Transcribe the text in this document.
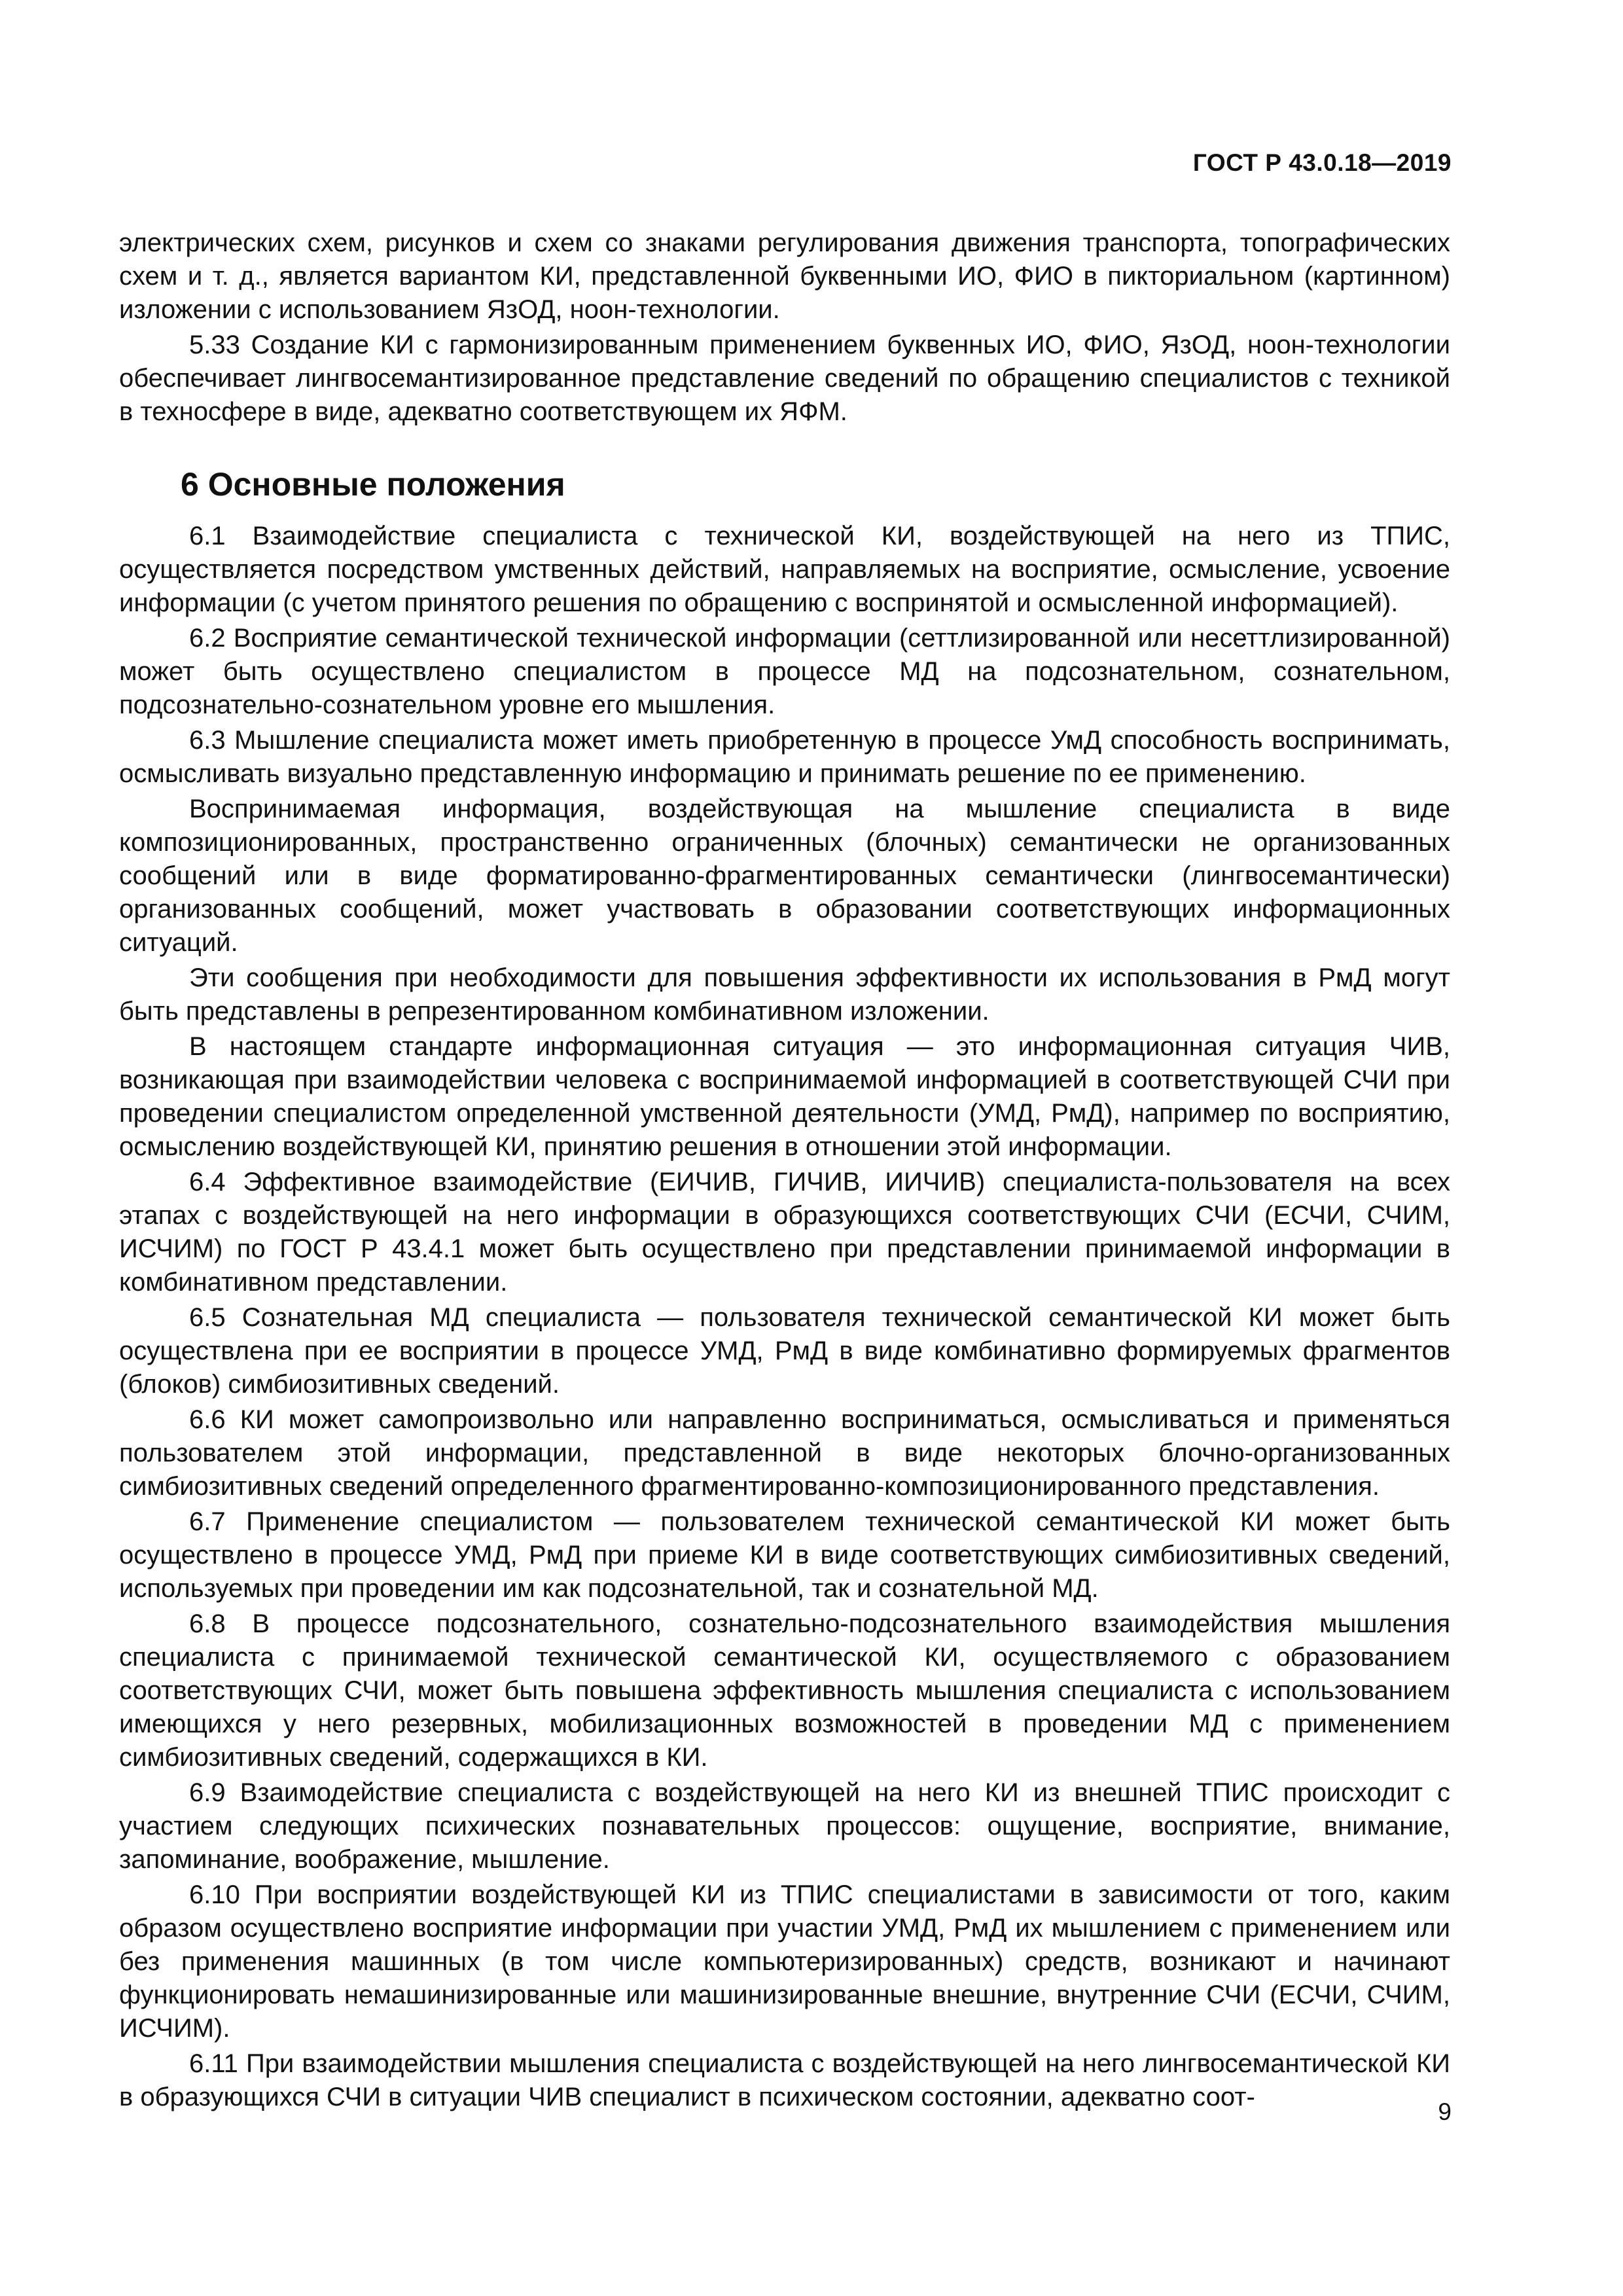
ГОСТ Р 43.0.18—2019

электрических схем, рисунков и схем со знаками регулирования движения транспорта, топографических схем и т. д., является вариантом КИ, представленной буквенными ИО, ФИО в пикториальном (картинном) изложении с использованием ЯзОД, ноон-технологии.

5.33 Создание КИ с гармонизированным применением буквенных ИО, ФИО, ЯзОД, ноон-технологии обеспечивает лингвосемантизированное представление сведений по обращению специалистов с техникой в техносфере в виде, адекватно соответствующем их ЯФМ.

6 Основные положения

6.1 Взаимодействие специалиста с технической КИ, воздействующей на него из ТПИС, осуществляется посредством умственных действий, направляемых на восприятие, осмысление, усвоение информации (с учетом принятого решения по обращению с воспринятой и осмысленной информацией).

6.2 Восприятие семантической технической информации (сеттлизированной или несеттлизированной) может быть осуществлено специалистом в процессе МД на подсознательном, сознательном, подсознательно-сознательном уровне его мышления.

6.3 Мышление специалиста может иметь приобретенную в процессе УмД способность воспринимать, осмысливать визуально представленную информацию и принимать решение по ее применению.

Воспринимаемая информация, воздействующая на мышление специалиста в виде композиционированных, пространственно ограниченных (блочных) семантически не организованных сообщений или в виде форматированно-фрагментированных семантически (лингвосемантически) организованных сообщений, может участвовать в образовании соответствующих информационных ситуаций.

Эти сообщения при необходимости для повышения эффективности их использования в РмД могут быть представлены в репрезентированном комбинативном изложении.

В настоящем стандарте информационная ситуация — это информационная ситуация ЧИВ, возникающая при взаимодействии человека с воспринимаемой информацией в соответствующей СЧИ при проведении специалистом определенной умственной деятельности (УМД, РмД), например по восприятию, осмыслению воздействующей КИ, принятию решения в отношении этой информации.

6.4 Эффективное взаимодействие (ЕИЧИВ, ГИЧИВ, ИИЧИВ) специалиста-пользователя на всех этапах с воздействующей на него информации в образующихся соответствующих СЧИ (ЕСЧИ, СЧИМ, ИСЧИМ) по ГОСТ Р 43.4.1 может быть осуществлено при представлении принимаемой информации в комбинативном представлении.

6.5 Сознательная МД специалиста — пользователя технической семантической КИ может быть осуществлена при ее восприятии в процессе УМД, РмД в виде комбинативно формируемых фрагментов (блоков) симбиозитивных сведений.

6.6 КИ может самопроизвольно или направленно восприниматься, осмысливаться и применяться пользователем этой информации, представленной в виде некоторых блочно-организованных симбиозитивных сведений определенного фрагментированно-композиционированного представления.

6.7 Применение специалистом — пользователем технической семантической КИ может быть осуществлено в процессе УМД, РмД при приеме КИ в виде соответствующих симбиозитивных сведений, используемых при проведении им как подсознательной, так и сознательной МД.

6.8 В процессе подсознательного, сознательно-подсознательного взаимодействия мышления специалиста с принимаемой технической семантической КИ, осуществляемого с образованием соответствующих СЧИ, может быть повышена эффективность мышления специалиста с использованием имеющихся у него резервных, мобилизационных возможностей в проведении МД с применением симбиозитивных сведений, содержащихся в КИ.

6.9 Взаимодействие специалиста с воздействующей на него КИ из внешней ТПИС происходит с участием следующих психических познавательных процессов: ощущение, восприятие, внимание, запоминание, воображение, мышление.

6.10 При восприятии воздействующей КИ из ТПИС специалистами в зависимости от того, каким образом осуществлено восприятие информации при участии УМД, РмД их мышлением с применением или без применения машинных (в том числе компьютеризированных) средств, возникают и начинают функционировать немашинизированные или машинизированные внешние, внутренние СЧИ (ЕСЧИ, СЧИМ, ИСЧИМ).

6.11 При взаимодействии мышления специалиста с воздействующей на него лингвосемантической КИ в образующихся СЧИ в ситуации ЧИВ специалист в психическом состоянии, адекватно соот-

9
